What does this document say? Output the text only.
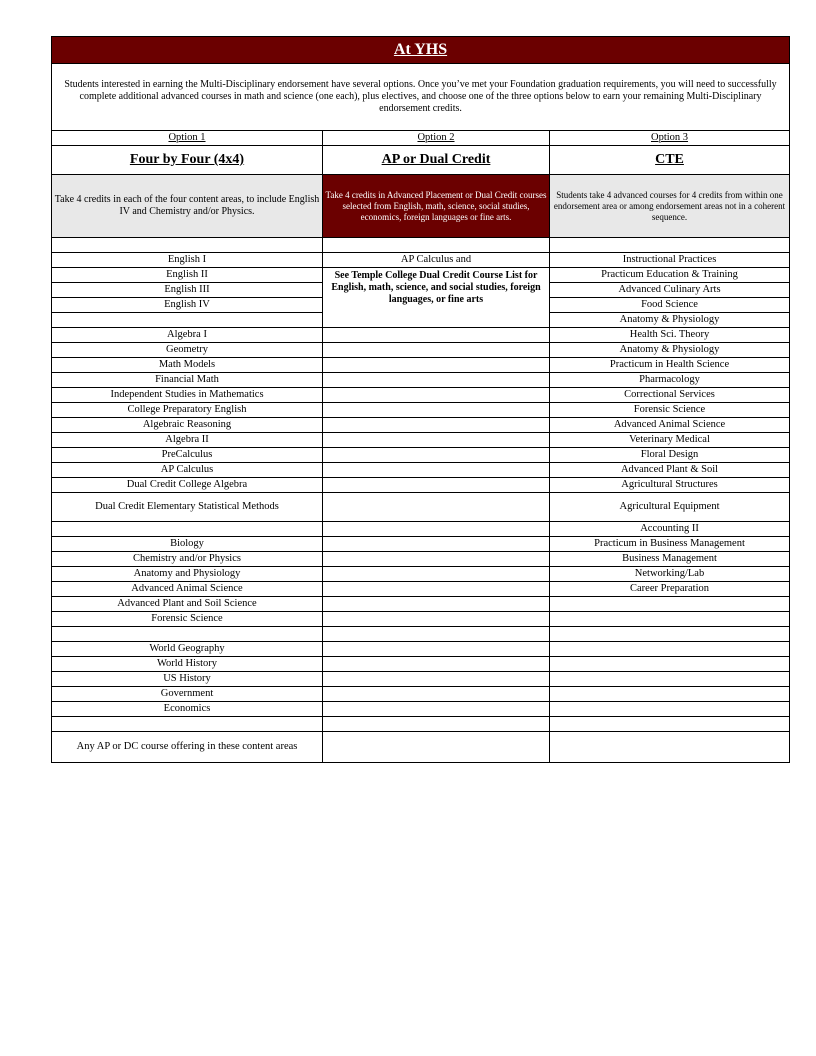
At YHS		
Students interested in earning the Multi-Disciplinary endorsement have several options. Once you’ve met your Foundation graduation requirements, you will need to successfully complete additional advanced courses in math and science (one each), plus electives, and choose one of the three options below to earn your remaining Multi-Disciplinary endorsement credits.		
Option 1	Option 2	Option 3
Four by Four (4x4)	AP or Dual Credit	CTE
Take 4 credits in each of the four content areas, to include English IV and Chemistry and/or Physics.	Take 4 credits in Advanced Placement or Dual Credit courses selected from English, math, science, social studies, economics, foreign languages or fine arts.	Students take 4 advanced courses for 4 credits from within one endorsement area or among endorsement areas not in a coherent sequence.

English I	AP Calculus and	Instructional Practices
English II	See Temple College Dual Credit Course List for English, math, science, and social studies, foreign languages, or fine arts	Practicum Education & Training
English III		Advanced Culinary Arts
English IV		Food Science
		Anatomy & Physiology
Algebra I		Health Sci. Theory
Geometry		Anatomy & Physiology
Math Models		Practicum in Health Science
Financial Math		Pharmacology
Independent Studies in Mathematics		Correctional Services
College Preparatory English		Forensic Science
Algebraic Reasoning		Advanced Animal Science
Algebra II		Veterinary Medical
PreCalculus		Floral Design
AP Calculus		Advanced Plant & Soil
Dual Credit College Algebra		Agricultural Structures
Dual Credit Elementary Statistical Methods		Agricultural Equipment
		Accounting II
Biology		Practicum in Business Management
Chemistry and/or Physics		Business Management
Anatomy and Physiology		Networking/Lab
Advanced Animal Science		Career Preparation
Advanced Plant and Soil Science		
Forensic Science		

World Geography		
World History		
US History		
Government		
Economics		

Any AP or DC course offering in these content areas		
